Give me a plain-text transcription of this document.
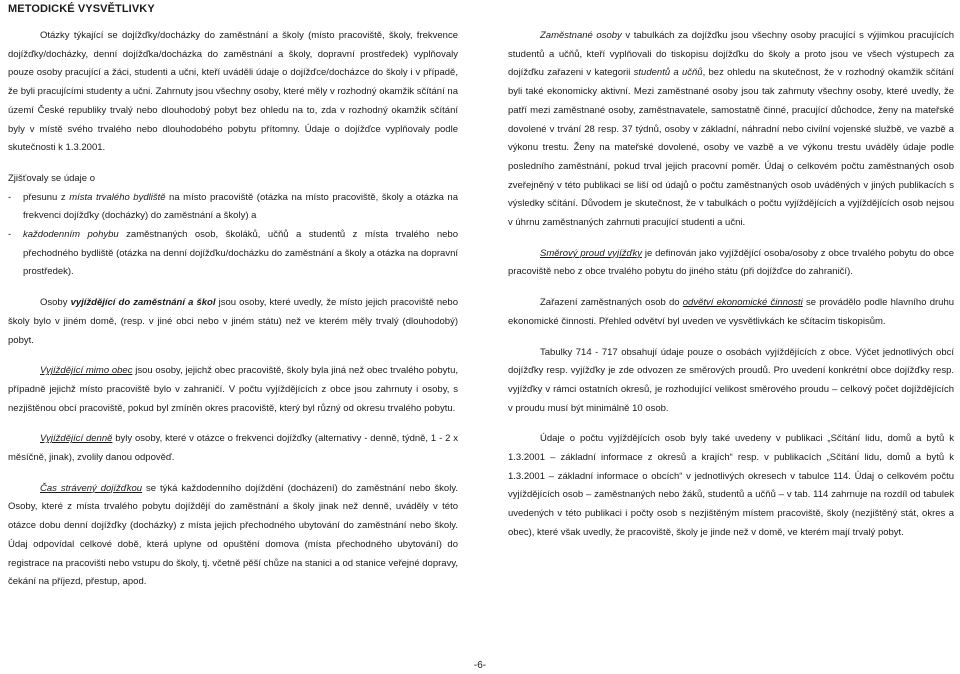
METODICKÉ VYSVĚTLIVKY

Otázky týkající se dojížďky/docházky do zaměstnání a školy (místo pracoviště, školy, frekvence dojížďky/docházky, denní dojížďka/docházka do zaměstnání a školy, dopravní prostředek) vyplňovaly pouze osoby pracující a žáci, studenti a učni, kteří uváděli údaje o dojížďce/docházce do školy i v případě, že byli pracujícími studenty a učni. Zahrnuty jsou všechny osoby, které měly v rozhodný okamžik sčítání na území České republiky trvalý nebo dlouhodobý pobyt bez ohledu na to, zda v rozhodný okamžik sčítání byly v místě svého trvalého nebo dlouhodobého pobytu přítomny. Údaje o dojížďce vyplňovaly podle skutečnosti k 1.3.2001.

Zjišťovaly se údaje o
-	přesunu z místa trvalého bydliště na místo pracoviště (otázka na místo pracoviště, školy a otázka na frekvenci dojížďky (docházky) do zaměstnání a školy) a
-	každodenním pohybu zaměstnaných osob, školáků, učňů a studentů z místa trvalého nebo přechodného bydliště (otázka na denní dojížďku/docházku do zaměstnání a školy a otázka na dopravní prostředek).

Osoby vyjíždějící do zaměstnání a škol jsou osoby, které uvedly, že místo jejich pracoviště nebo školy bylo v jiném domě, (resp. v jiné obci nebo v jiném státu) než ve kterém měly trvalý (dlouhodobý) pobyt.

Vyjíždějící mimo obec jsou osoby, jejichž obec pracoviště, školy byla jiná než obec trvalého pobytu, případně jejichž místo pracoviště bylo v zahraničí. V počtu vyjíždějících z obce jsou zahrnuty i osoby, s nezjištěnou obcí pracoviště, pokud byl zmíněn okres pracoviště, který byl různý od okresu trvalého pobytu.

Vyjíždějící denně byly osoby, které v otázce o frekvenci dojížďky (alternativy - denně, týdně, 1 - 2 x měsíčně, jinak), zvolily danou odpověď.

Čas strávený dojížďkou se týká každodenního dojíždění (docházení) do zaměstnání nebo školy. Osoby, které z místa trvalého pobytu dojíždějí do zaměstnání a školy jinak než denně, uváděly v této otázce dobu denní dojížďky (docházky) z místa jejich přechodného ubytování do zaměstnání nebo školy. Údaj odpovídal celkové době, která uplyne od opuštění domova (místa přechodného ubytování) do registrace na pracovišti nebo vstupu do školy, tj. včetně pěší chůze na stanici a od stanice veřejné dopravy, čekání na příjezd, přestup, apod.

Zaměstnané osoby v tabulkách za dojížďku jsou všechny osoby pracující s výjimkou pracujících studentů a učňů, kteří vyplňovali do tiskopisu dojížďku do školy a proto jsou ve všech výstupech za dojížďku zařazeni v kategorii studentů a učňů, bez ohledu na skutečnost, že v rozhodný okamžik sčítání byli také ekonomicky aktivní. Mezi zaměstnané osoby jsou tak zahrnuty všechny osoby, které uvedly, že patří mezi zaměstnané osoby, zaměstnavatele, samostatně činné, pracující důchodce, ženy na mateřské dovolené v trvání 28 resp. 37 týdnů, osoby v základní, náhradní nebo civilní vojenské službě, ve vazbě a výkonu trestu. Ženy na mateřské dovolené, osoby ve vazbě a ve výkonu trestu uváděly údaje podle posledního zaměstnání, pokud trval jejich pracovní poměr. Údaj o celkovém počtu zaměstnaných osob zveřejněný v této publikaci se liší od údajů o počtu zaměstnaných osob uváděných v jiných publikacích s výsledky sčítání. Důvodem je skutečnost, že v tabulkách o počtu vyjíždějících a vyjíždějících osob nejsou v úhrnu zaměstnaných zahrnuti pracující studenti a učni.

Směrový proud vyjížďky je definován jako vyjíždějící osoba/osoby z obce trvalého pobytu do obce pracoviště nebo z obce trvalého pobytu do jiného státu (při dojížďce do zahraničí).

Zařazení zaměstnaných osob do odvětví ekonomické činnosti se provádělo podle hlavního druhu ekonomické činnosti. Přehled odvětví byl uveden ve vysvětlivkách ke sčítacím tiskopisům.

Tabulky 714 - 717 obsahují údaje pouze o osobách vyjíždějících z obce. Výčet jednotlivých obcí dojížďky resp. vyjížďky je zde odvozen ze směrových proudů. Pro uvedení konkrétní obce dojížďky resp. vyjížďky v rámci ostatních okresů, je rozhodující velikost směrového proudu – celkový počet dojíždějících v proudu musí být minimálně 10 osob.

Údaje o počtu vyjíždějících osob byly také uvedeny v publikaci „Sčítání lidu, domů a bytů k 1.3.2001 – základní informace z okresů a krajích“ resp. v publikacích „Sčítání lidu, domů a bytů k 1.3.2001 – základní informace o obcích“ v jednotlivých okresech v tabulce 114. Údaj o celkovém počtu vyjíždějících osob – zaměstnaných nebo žáků, studentů a učňů – v tab. 114 zahrnuje na rozdíl od tabulek uvedených v této publikaci i počty osob s nezjištěným místem pracoviště, školy (nezjištěný stát, okres a obec), které však uvedly, že pracoviště, školy je jinde než v domě, ve kterém mají trvalý pobyt.

-6-
